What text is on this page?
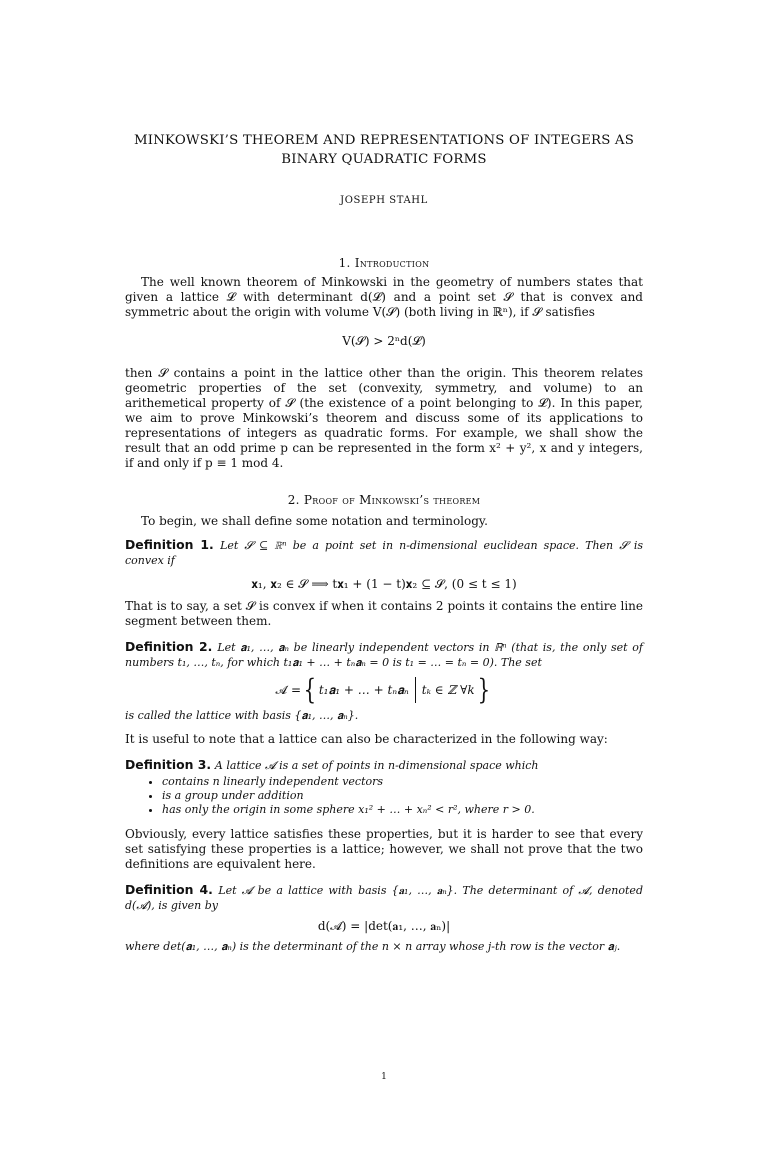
MINKOWSKI’S THEOREM AND REPRESENTATIONS OF INTEGERS AS
BINARY QUADRATIC FORMS
JOSEPH STAHL
1. Introduction

The well known theorem of Minkowski in the geometry of numbers states that given a lattice 𝓛 with determinant d(𝓛) and a point set 𝓢 that is convex and symmetric about the origin with volume V(𝓢) (both living in ℝⁿ), if 𝓢 satisfies

V(𝓢) > 2ⁿd(𝓛)

then 𝓢 contains a point in the lattice other than the origin. This theorem relates geometric properties of the set (convexity, symmetry, and volume) to an arithemetical property of 𝓢 (the existence of a point belonging to 𝓛). In this paper, we aim to prove Minkowski’s theorem and discuss some of its applications to representations of integers as quadratic forms. For example, we shall show the result that an odd prime p can be represented in the form x² + y², x and y integers, if and only if p ≡ 1 mod 4.

2. Proof of Minkowski’s theorem

To begin, we shall define some notation and terminology.

Definition 1. Let 𝓢 ⊆ ℝⁿ be a point set in n-dimensional euclidean space. Then 𝓢 is convex if

𝐱₁, 𝐱₂ ∈ 𝓢 ⟹ t𝐱₁ + (1 − t)𝐱₂ ⊆ 𝓢, (0 ≤ t ≤ 1)

That is to say, a set 𝓢 is convex if when it contains 2 points it contains the entire line segment between them.

Definition 2. Let 𝐚₁, …, 𝐚ₙ be linearly independent vectors in ℝⁿ (that is, the only set of numbers t₁, …, tₙ, for which t₁𝐚₁ + … + tₙ𝐚ₙ = 0 is t₁ = … = tₙ = 0). The set
𝓐 = { t₁𝐚₁ + … + tₙ𝐚ₙ tₖ ∈ ℤ ∀k }

is called the lattice with basis {𝐚₁, …, 𝐚ₙ}.

It is useful to note that a lattice can also be characterized in the following way:

Definition 3. A lattice 𝓐 is a set of points in n-dimensional space which
• contains n linearly independent vectors
• is a group under addition
• has only the origin in some sphere x₁² + … + xₙ² < r², where r > 0.

Obviously, every lattice satisfies these properties, but it is harder to see that every set satisfying these properties is a lattice; however, we shall not prove that the two definitions are equivalent here.

Definition 4. Let 𝓐 be a lattice with basis {𝐚₁, …, 𝐚ₙ}. The determinant of 𝓐, denoted d(𝓐), is given by

d(𝓐) = |det(𝐚₁, …, 𝐚ₙ)|

where det(𝐚₁, …, 𝐚ₙ) is the determinant of the n × n array whose j-th row is the vector 𝐚ⱼ.

1
